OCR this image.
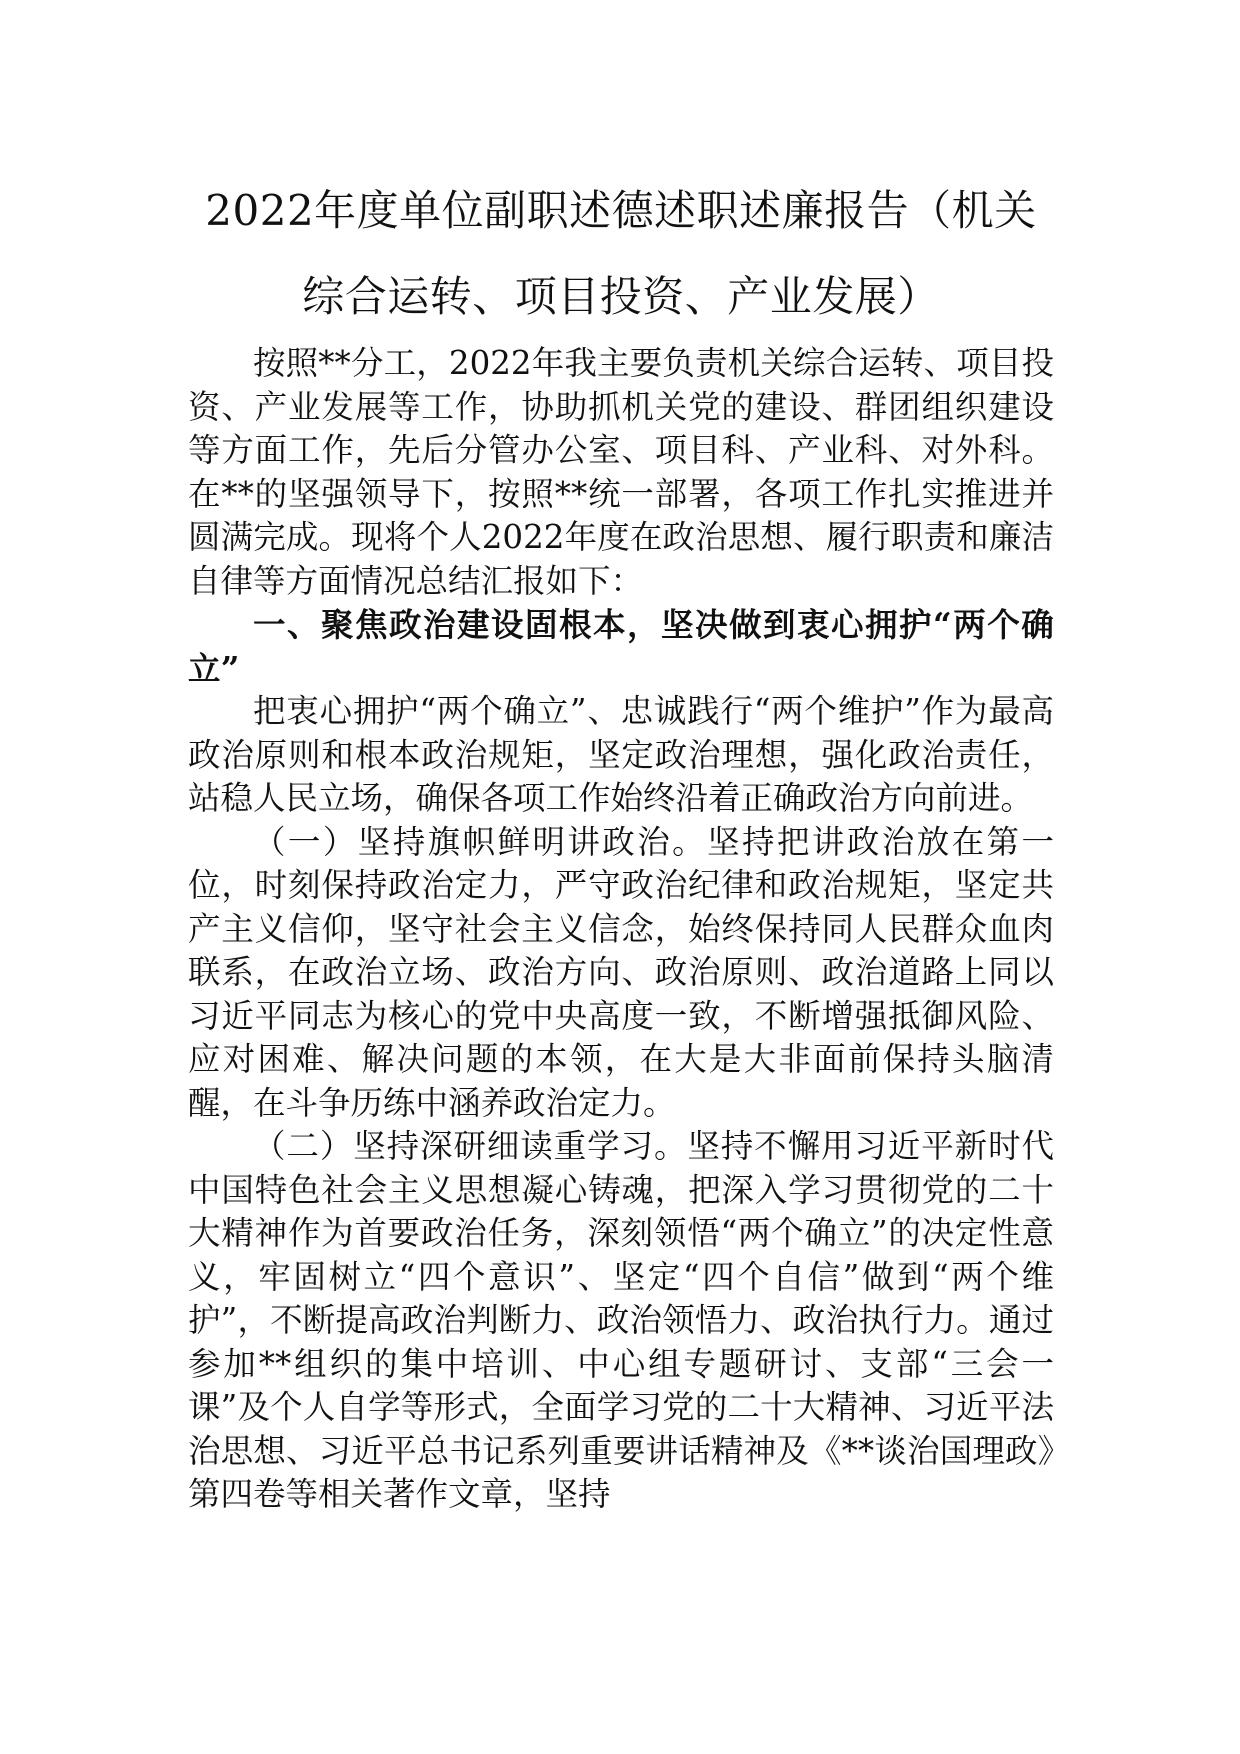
2022年度单位副职述德述职述廉报告（机关综合运转、项目投资、产业发展）

按照**分工，2022年我主要负责机关综合运转、项目投资、产业发展等工作，协助抓机关党的建设、群团组织建设等方面工作，先后分管办公室、项目科、产业科、对外科。在**的坚强领导下，按照**统一部署，各项工作扎实推进并圆满完成。现将个人2022年度在政治思想、履行职责和廉洁自律等方面情况总结汇报如下：

一、聚焦政治建设固根本，坚决做到衷心拥护“两个确立”

把衷心拥护“两个确立”、忠诚践行“两个维护”作为最高政治原则和根本政治规矩，坚定政治理想，强化政治责任，站稳人民立场，确保各项工作始终沿着正确政治方向前进。

（一）坚持旗帜鲜明讲政治。坚持把讲政治放在第一位，时刻保持政治定力，严守政治纪律和政治规矩，坚定共产主义信仰，坚守社会主义信念，始终保持同人民群众血肉联系，在政治立场、政治方向、政治原则、政治道路上同以习近平同志为核心的党中央高度一致，不断增强抵御风险、应对困难、解决问题的本领，在大是大非面前保持头脑清醒，在斗争历练中涵养政治定力。

（二）坚持深研细读重学习。坚持不懈用习近平新时代中国特色社会主义思想凝心铸魂，把深入学习贯彻党的二十大精神作为首要政治任务，深刻领悟“两个确立”的决定性意义，牢固树立“四个意识”、坚定“四个自信”做到“两个维护”，不断提高政治判断力、政治领悟力、政治执行力。通过参加**组织的集中培训、中心组专题研讨、支部“三会一课”及个人自学等形式，全面学习党的二十大精神、习近平法治思想、习近平总书记系列重要讲话精神及《**谈治国理政》第四卷等相关著作文章，坚持
